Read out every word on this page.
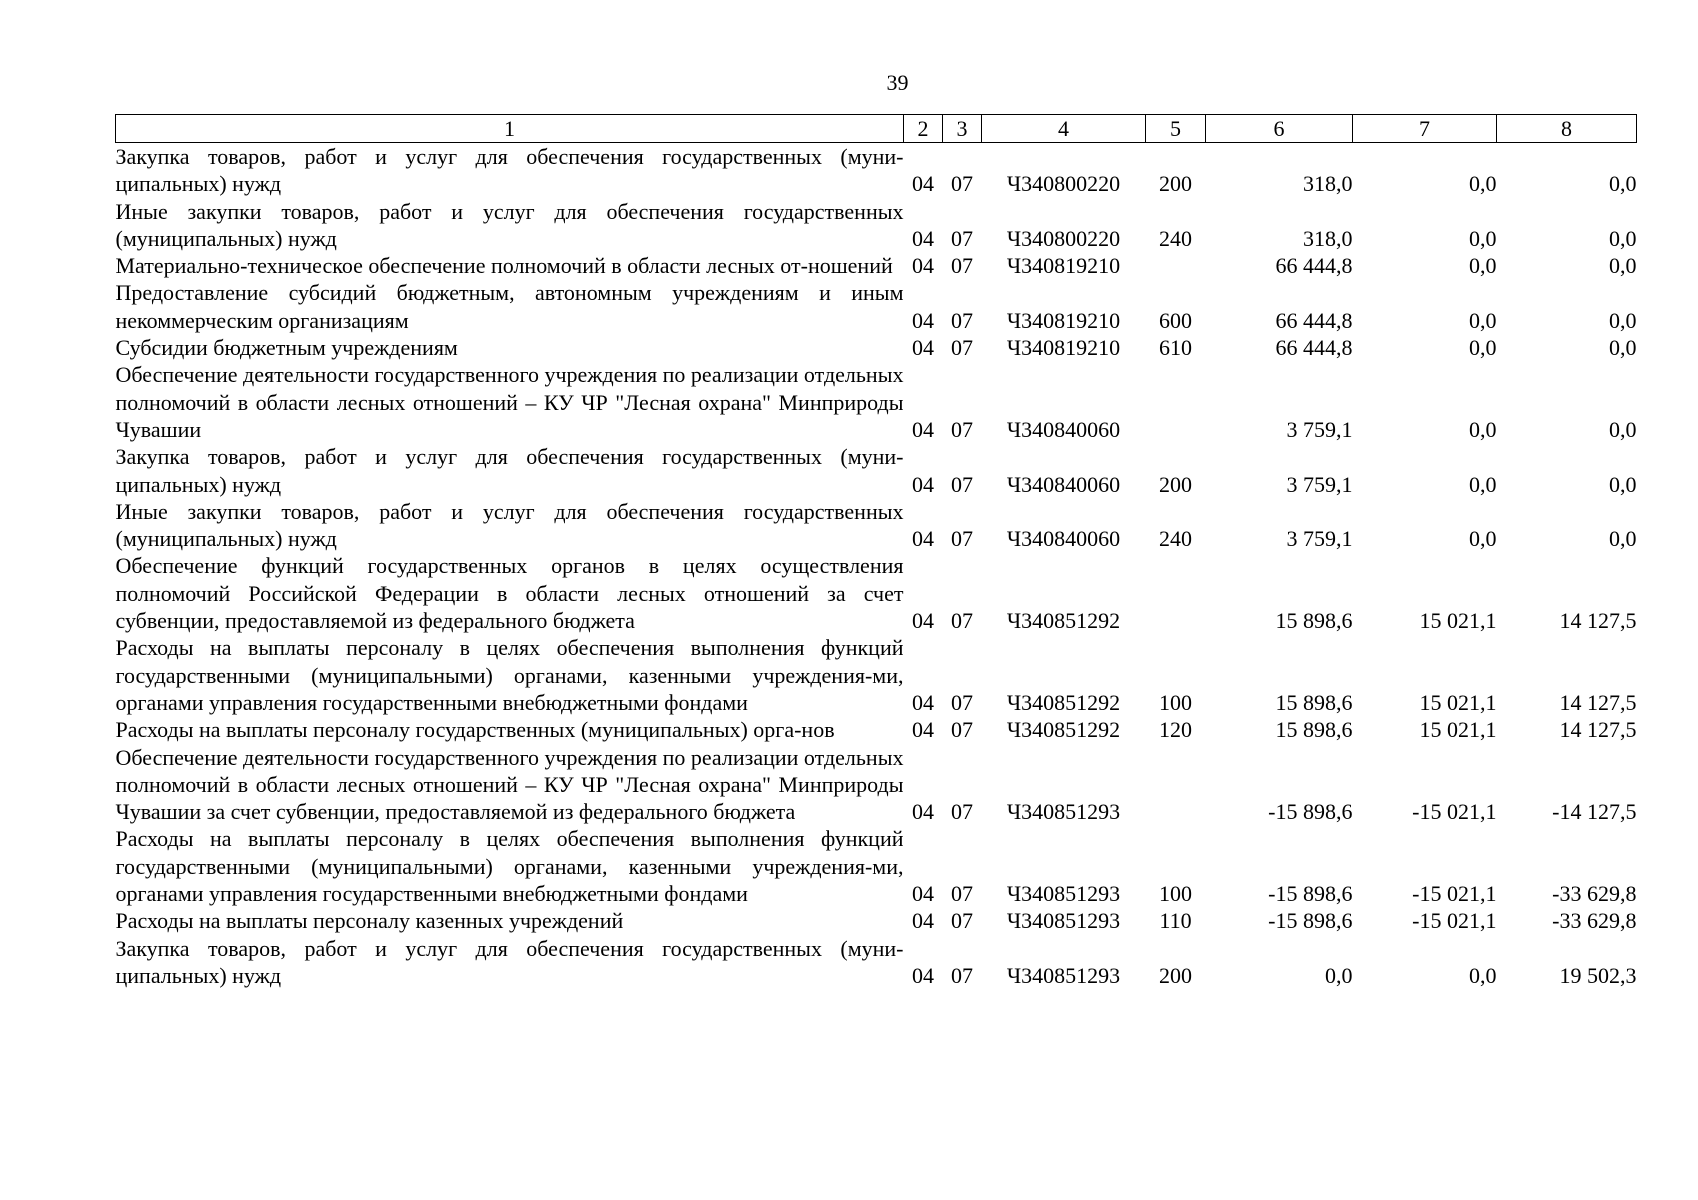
39
1	2	3	4	5	6	7	8
Закупка товаров, работ и услуг для обеспечения государственных (муни-ципальных) нужд	04	07	Ч340800220	200	318,0	0,0	0,0
Иные закупки товаров, работ и услуг для обеспечения государственных (муниципальных) нужд	04	07	Ч340800220	240	318,0	0,0	0,0
Материально-техническое обеспечение полномочий в области лесных от-ношений	04	07	Ч340819210		66 444,8	0,0	0,0
Предоставление субсидий бюджетным, автономным учреждениям и иным некоммерческим организациям	04	07	Ч340819210	600	66 444,8	0,0	0,0
Субсидии бюджетным учреждениям	04	07	Ч340819210	610	66 444,8	0,0	0,0
Обеспечение деятельности государственного учреждения по реализации отдельных полномочий в области лесных отношений – КУ ЧР "Лесная охрана" Минприроды Чувашии	04	07	Ч340840060		3 759,1	0,0	0,0
Закупка товаров, работ и услуг для обеспечения государственных (муни-ципальных) нужд	04	07	Ч340840060	200	3 759,1	0,0	0,0
Иные закупки товаров, работ и услуг для обеспечения государственных (муниципальных) нужд	04	07	Ч340840060	240	3 759,1	0,0	0,0
Обеспечение функций государственных органов в целях осуществления полномочий Российской Федерации в области лесных отношений за счет субвенции, предоставляемой из федерального бюджета	04	07	Ч340851292		15 898,6	15 021,1	14 127,5
Расходы на выплаты персоналу в целях обеспечения выполнения функций государственными (муниципальными) органами, казенными учреждения-ми, органами управления государственными внебюджетными фондами	04	07	Ч340851292	100	15 898,6	15 021,1	14 127,5
Расходы на выплаты персоналу государственных (муниципальных) орга-нов	04	07	Ч340851292	120	15 898,6	15 021,1	14 127,5
Обеспечение деятельности государственного учреждения по реализации отдельных полномочий в области лесных отношений – КУ ЧР "Лесная охрана" Минприроды Чувашии за счет субвенции, предоставляемой из федерального бюджета	04	07	Ч340851293		-15 898,6	-15 021,1	-14 127,5
Расходы на выплаты персоналу в целях обеспечения выполнения функций государственными (муниципальными) органами, казенными учреждения-ми, органами управления государственными внебюджетными фондами	04	07	Ч340851293	100	-15 898,6	-15 021,1	-33 629,8
Расходы на выплаты персоналу казенных учреждений	04	07	Ч340851293	110	-15 898,6	-15 021,1	-33 629,8
Закупка товаров, работ и услуг для обеспечения государственных (муни-ципальных) нужд	04	07	Ч340851293	200	0,0	0,0	19 502,3
